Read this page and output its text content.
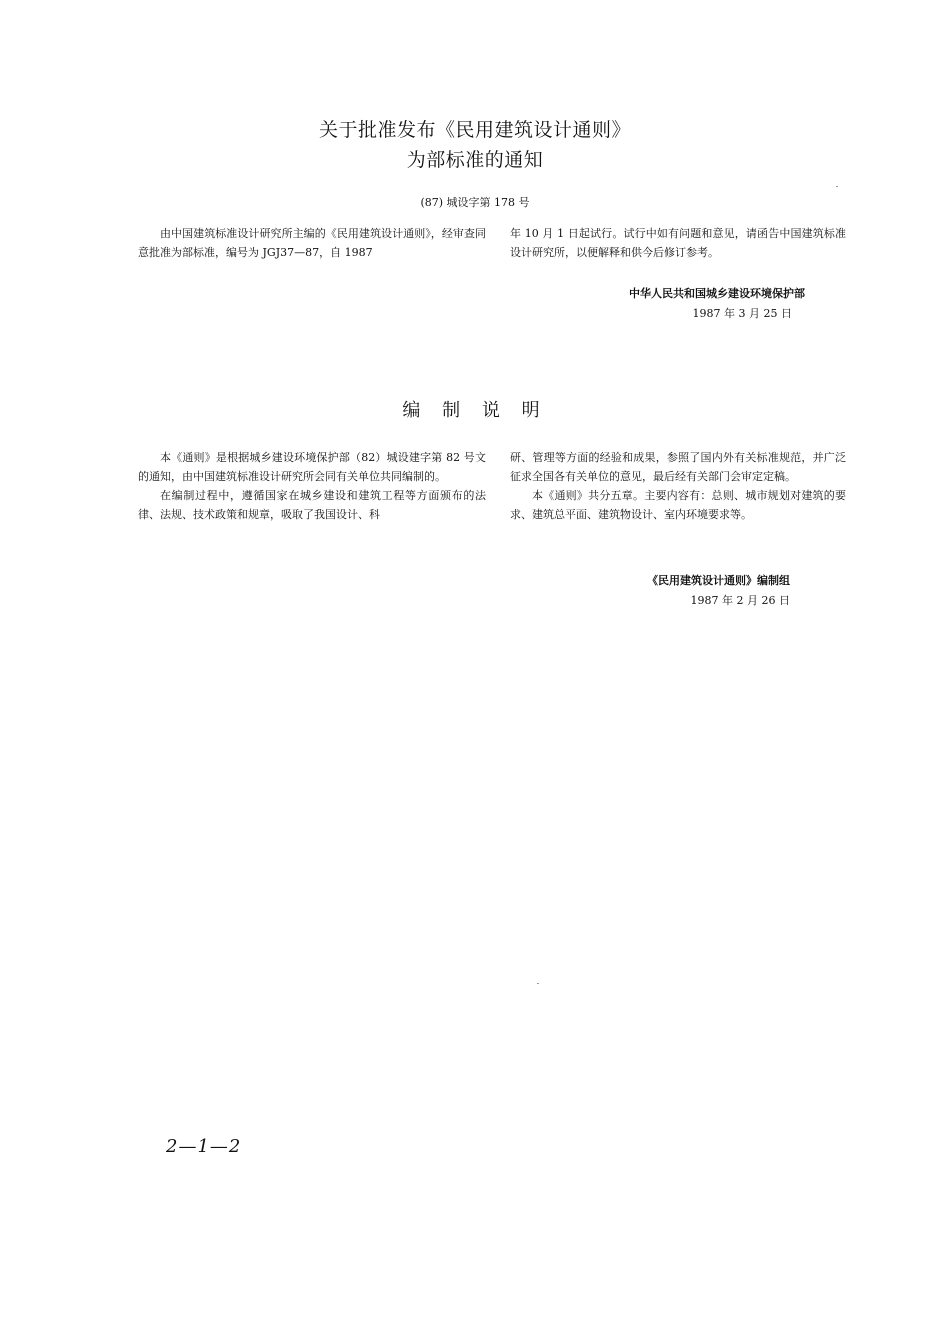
关于批准发布《民用建筑设计通则》
为部标准的通知
(87) 城设字第 178 号

由中国建筑标准设计研究所主编的《民用建筑设计通则》，经审查同意批准为部标准，编号为 JGJ37—87，自 1987

年 10 月 1 日起试行。试行中如有问题和意见，请函告中国建筑标准设计研究所，以便解释和供今后修订参考。

中华人民共和国城乡建设环境保护部
1987 年 3 月 25 日
编 制 说 明

本《通则》是根据城乡建设环境保护部（82）城设建字第 82 号文的通知，由中国建筑标准设计研究所会同有关单位共同编制的。

在编制过程中，遵循国家在城乡建设和建筑工程等方面颁布的法律、法规、技术政策和规章，吸取了我国设计、科

研、管理等方面的经验和成果，参照了国内外有关标准规范，并广泛征求全国各有关单位的意见，最后经有关部门会审定定稿。

本《通则》共分五章。主要内容有：总则、城市规划对建筑的要求、建筑总平面、建筑物设计、室内环境要求等。

《民用建筑设计通则》编制组
1987 年 2 月 26 日
2—1—2
